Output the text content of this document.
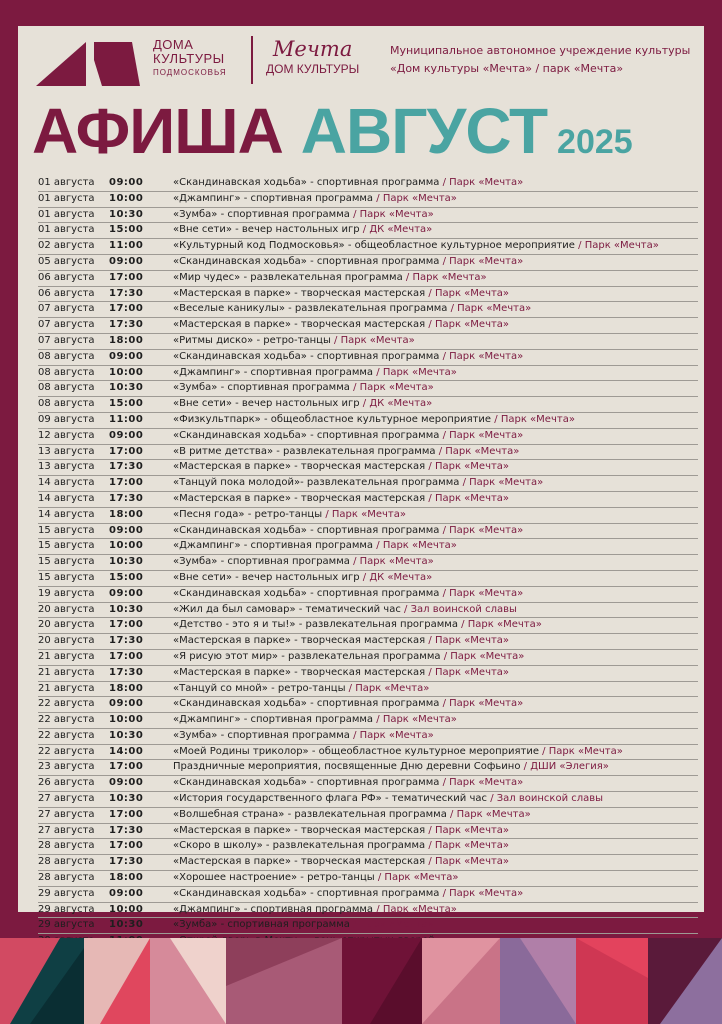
ДОМА
КУЛЬТУРЫ
ПОДМОСКОВЬЯ
Мечта
ДОМ КУЛЬТУРЫ
Муниципальное автономное учреждение культуры
«Дом культуры «Мечта» / парк «Мечта»
АФИША АВГУСТ 2025
01 августа	09:00	«Скандинавская ходьба» - спортивная программа / Парк «Мечта»
01 августа	10:00	«Джампинг» - спортивная программа / Парк «Мечта»
01 августа	10:30	«Зумба» - спортивная программа / Парк «Мечта»
01 августа	15:00	«Вне сети» - вечер настольных игр / ДК «Мечта»
02 августа	11:00	«Культурный код Подмосковья» - общеобластное культурное мероприятие / Парк «Мечта»
05 августа	09:00	«Скандинавская ходьба» - спортивная программа / Парк «Мечта»
06 августа	17:00	«Мир чудес» - развлекательная программа / Парк «Мечта»
06 августа	17:30	«Мастерская в парке» - творческая мастерская / Парк «Мечта»
07 августа	17:00	«Веселые каникулы» - развлекательная программа / Парк «Мечта»
07 августа	17:30	«Мастерская в парке» - творческая мастерская / Парк «Мечта»
07 августа	18:00	«Ритмы диско» - ретро-танцы / Парк «Мечта»
08 августа	09:00	«Скандинавская ходьба» - спортивная программа / Парк «Мечта»
08 августа	10:00	«Джампинг» - спортивная программа / Парк «Мечта»
08 августа	10:30	«Зумба» - спортивная программа / Парк «Мечта»
08 августа	15:00	«Вне сети» - вечер настольных игр / ДК «Мечта»
09 августа	11:00	«Физкультпарк» - общеобластное культурное мероприятие / Парк «Мечта»
12 августа	09:00	«Скандинавская ходьба» - спортивная программа / Парк «Мечта»
13 августа	17:00	«В ритме детства» - развлекательная программа / Парк «Мечта»
13 августа	17:30	«Мастерская в парке» - творческая мастерская / Парк «Мечта»
14 августа	17:00	«Танцуй пока молодой»- развлекательная программа / Парк «Мечта»
14 августа	17:30	«Мастерская в парке» - творческая мастерская / Парк «Мечта»
14 августа	18:00	«Песня года» - ретро-танцы / Парк «Мечта»
15 августа	09:00	«Скандинавская ходьба» - спортивная программа / Парк «Мечта»
15 августа	10:00	«Джампинг» - спортивная программа / Парк «Мечта»
15 августа	10:30	«Зумба» - спортивная программа / Парк «Мечта»
15 августа	15:00	«Вне сети» - вечер настольных игр / ДК «Мечта»
19 августа	09:00	«Скандинавская ходьба» - спортивная программа / Парк «Мечта»
20 августа	10:30	«Жил да был самовар» - тематический час / Зал воинской славы
20 августа	17:00	«Детство - это я и ты!» - развлекательная программа / Парк «Мечта»
20 августа	17:30	«Мастерская в парке» - творческая мастерская / Парк «Мечта»
21 августа	17:00	«Я рисую этот мир» - развлекательная программа / Парк «Мечта»
21 августа	17:30	«Мастерская в парке» - творческая мастерская / Парк «Мечта»
21 августа	18:00	«Танцуй со мной» - ретро-танцы / Парк «Мечта»
22 августа	09:00	«Скандинавская ходьба» - спортивная программа / Парк «Мечта»
22 августа	10:00	«Джампинг» - спортивная программа / Парк «Мечта»
22 августа	10:30	«Зумба» - спортивная программа / Парк «Мечта»
22 августа	14:00	«Моей Родины триколор» - общеобластное культурное мероприятие / Парк «Мечта»
23 августа	17:00	Праздничные мероприятия, посвященные Дню деревни Софьино / ДШИ «Элегия»
26 августа	09:00	«Скандинавская ходьба» - спортивная программа / Парк «Мечта»
27 августа	10:30	«История государственного флага РФ» - тематический час / Зал воинской славы
27 августа	17:00	«Волшебная страна» - развлекательная программа / Парк «Мечта»
27 августа	17:30	«Мастерская в парке» - творческая мастерская / Парк «Мечта»
28 августа	17:00	«Скоро в школу» - развлекательная программа / Парк «Мечта»
28 августа	17:30	«Мастерская в парке» - творческая мастерская / Парк «Мечта»
28 августа	18:00	«Хорошее настроение» - ретро-танцы / Парк «Мечта»
29 августа	09:00	«Скандинавская ходьба» - спортивная программа / Парк «Мечта»
29 августа	10:00	«Джампинг» - спортивная программа / Парк «Мечта»
29 августа	10:30	«Зумба» - спортивная программа / Парк «Мечта»
